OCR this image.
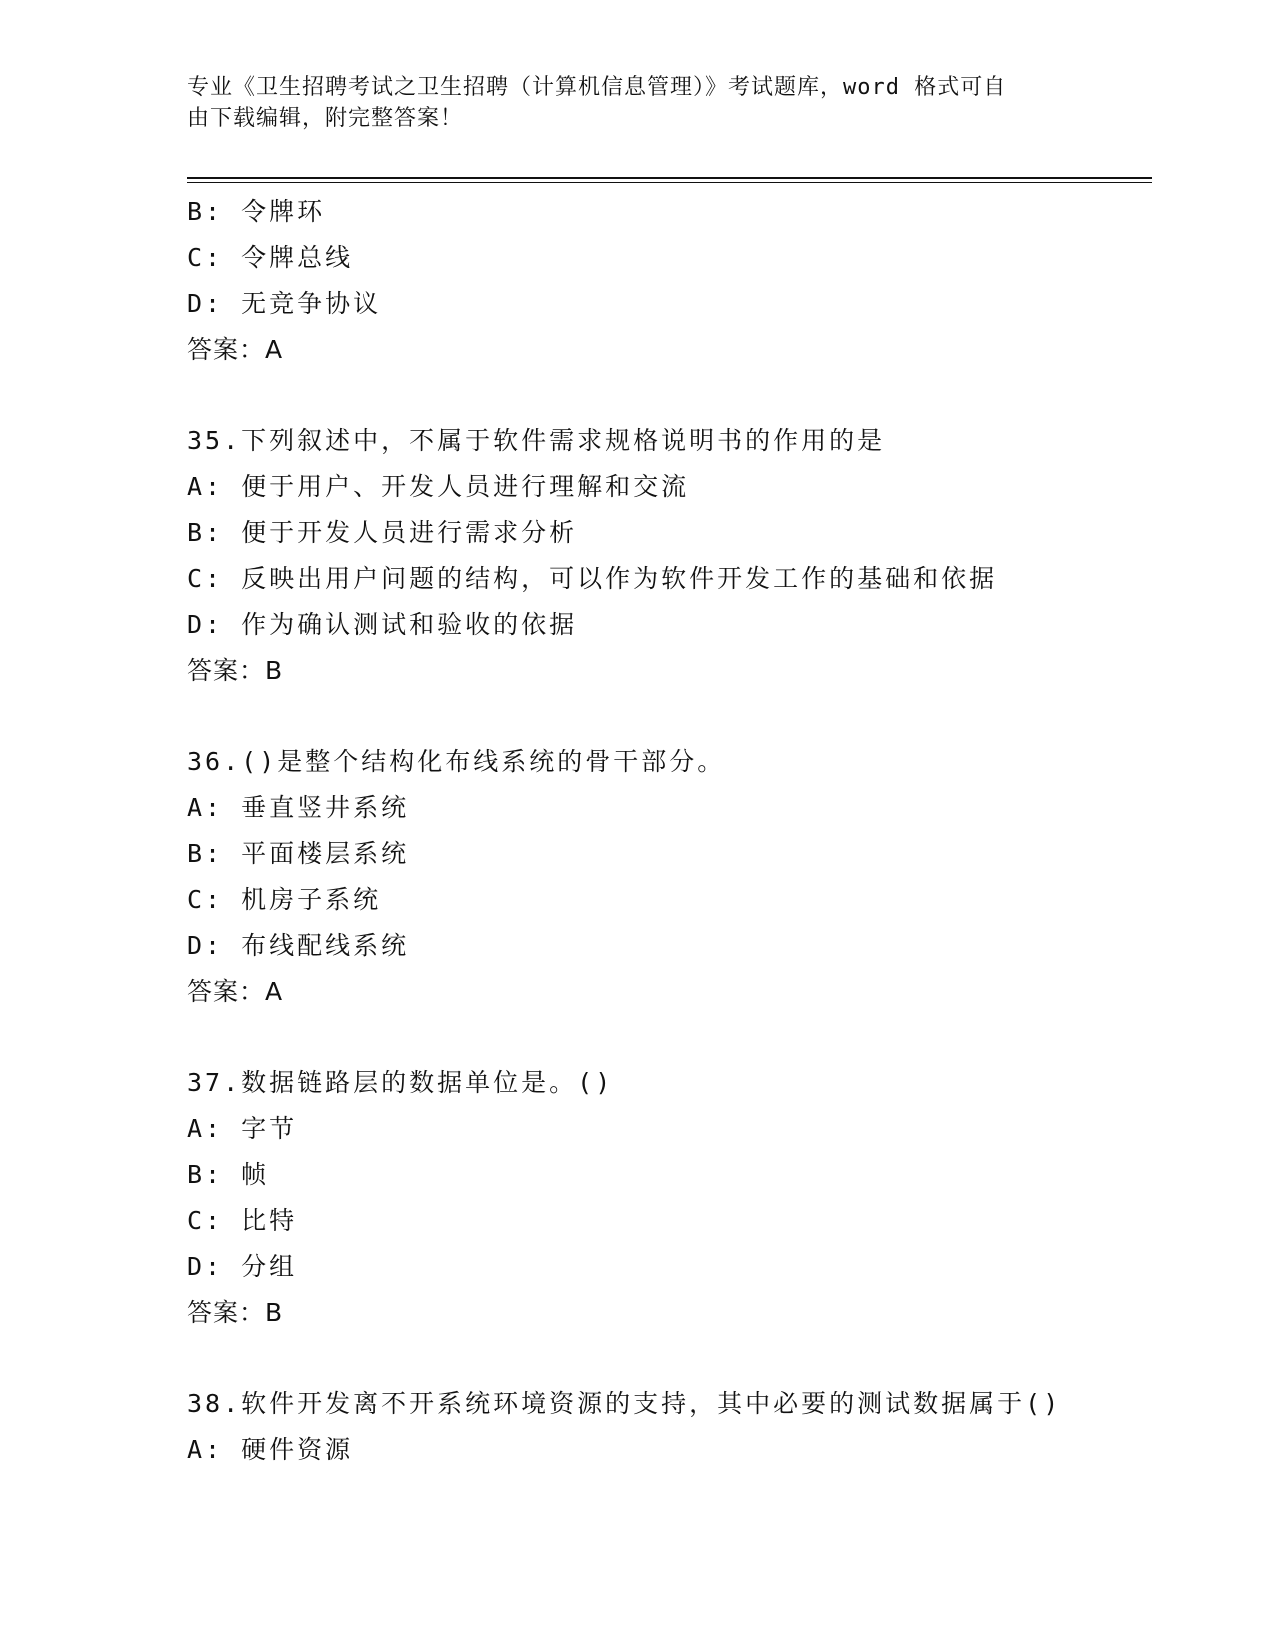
专业《卫生招聘考试之卫生招聘（计算机信息管理）》考试题库，word 格式可自
由下载编辑，附完整答案！
B: 令牌环
C: 令牌总线
D: 无竞争协议
答案：A
35.下列叙述中，不属于软件需求规格说明书的作用的是
A: 便于用户、开发人员进行理解和交流
B: 便于开发人员进行需求分析
C: 反映出用户问题的结构，可以作为软件开发工作的基础和依据
D: 作为确认测试和验收的依据
答案：B
36.()是整个结构化布线系统的骨干部分。
A: 垂直竖井系统
B: 平面楼层系统
C: 机房子系统
D: 布线配线系统
答案：A
37.数据链路层的数据单位是。()
A: 字节
B: 帧
C: 比特
D: 分组
答案：B
38.软件开发离不开系统环境资源的支持，其中必要的测试数据属于()
A: 硬件资源
